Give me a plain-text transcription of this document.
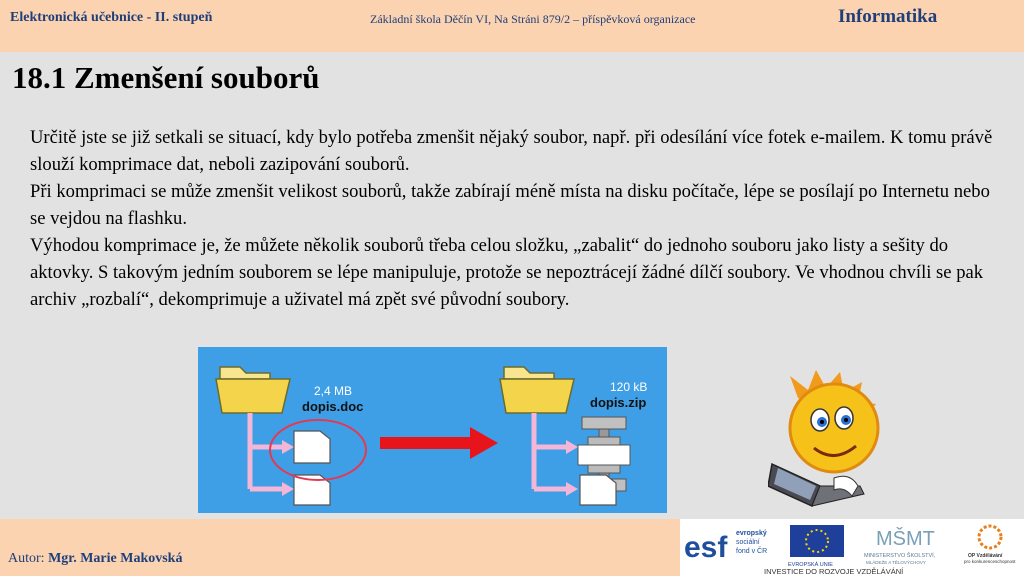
Elektronická učebnice - II. stupeň	Základní škola Děčín VI, Na Stráni 879/2 – příspěvková organizace	Informatika
18.1 Zmenšení souborů

Určitě jste se již setkali se situací, kdy bylo potřeba zmenšit nějaký soubor, např. při odesílání více fotek e-mailem. K tomu právě slouží komprimace dat, neboli zazipování souborů.

Při komprimaci se může zmenšit velikost souborů, takže zabírají méně místa na disku počítače, lépe se posílají po Internetu nebo se vejdou na flashku.

Výhodou komprimace je, že můžete několik souborů třeba celou složku, „zabalit“ do jednoho souboru jako listy a sešity do aktovky. S takovým jedním souborem se lépe manipuluje, protože se nepoztrácejí žádné dílčí soubory. Ve vhodnou chvíli se pak archiv „rozbalí“, dekomprimuje a uživatel má zpět své původní soubory.

2,4 MB
dopis.doc
120 kB
dopis.zip
Autor: Mgr. Marie Makovská	esf evropský
sociální
fond v ČR
EVROPSKÁ UNIE
MŠMT
MINISTERSTVO ŠKOLSTVÍ,
MLÁDEŽE A TĚLOVÝCHOVY
OP Vzdělávání
pro konkurenceschopnost
INVESTICE DO ROZVOJE VZDĚLÁVÁNÍ
